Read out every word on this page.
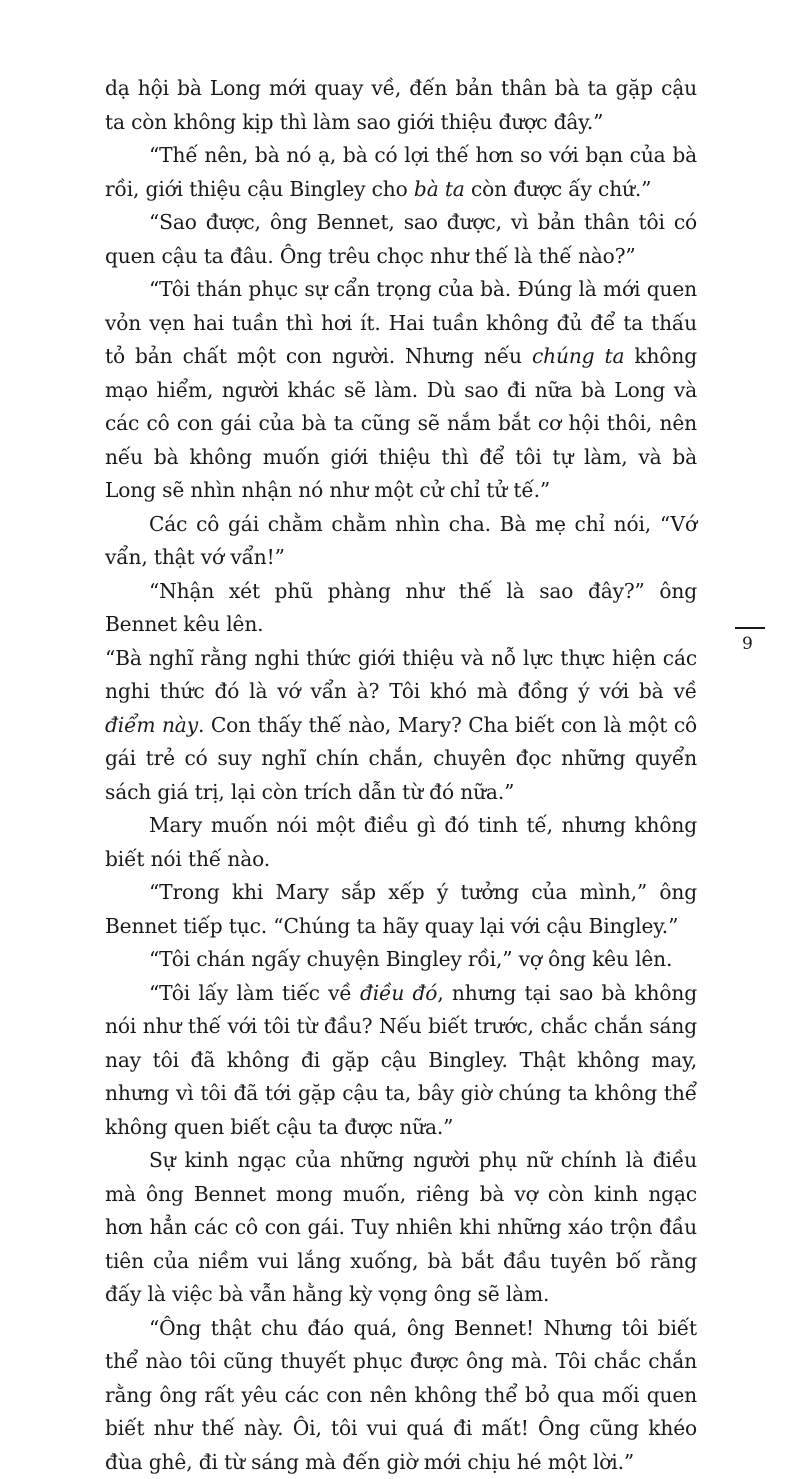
dạ hội bà Long mới quay về, đến bản thân bà ta gặp cậu ta còn không kịp thì làm sao giới thiệu được đây.”

“Thế nên, bà nó ạ, bà có lợi thế hơn so với bạn của bà rồi, giới thiệu cậu Bingley cho bà ta còn được ấy chứ.”

“Sao được, ông Bennet, sao được, vì bản thân tôi có quen cậu ta đâu. Ông trêu chọc như thế là thế nào?”

“Tôi thán phục sự cẩn trọng của bà. Đúng là mới quen vỏn vẹn hai tuần thì hơi ít. Hai tuần không đủ để ta thấu tỏ bản chất một con người. Nhưng nếu chúng ta không mạo hiểm, người khác sẽ làm. Dù sao đi nữa bà Long và các cô con gái của bà ta cũng sẽ nắm bắt cơ hội thôi, nên nếu bà không muốn giới thiệu thì để tôi tự làm, và bà Long sẽ nhìn nhận nó như một cử chỉ tử tế.”

Các cô gái chằm chằm nhìn cha. Bà mẹ chỉ nói, “Vớ vẩn, thật vớ vẩn!”

“Nhận xét phũ phàng như thế là sao đây?” ông Bennet kêu lên.

“Bà nghĩ rằng nghi thức giới thiệu và nỗ lực thực hiện các nghi thức đó là vớ vẩn à? Tôi khó mà đồng ý với bà về điểm này. Con thấy thế nào, Mary? Cha biết con là một cô gái trẻ có suy nghĩ chín chắn, chuyên đọc những quyển sách giá trị, lại còn trích dẫn từ đó nữa.”

Mary muốn nói một điều gì đó tinh tế, nhưng không biết nói thế nào.

“Trong khi Mary sắp xếp ý tưởng của mình,” ông Bennet tiếp tục. “Chúng ta hãy quay lại với cậu Bingley.”

“Tôi chán ngấy chuyện Bingley rồi,” vợ ông kêu lên.

“Tôi lấy làm tiếc về điều đó, nhưng tại sao bà không nói như thế với tôi từ đầu? Nếu biết trước, chắc chắn sáng nay tôi đã không đi gặp cậu Bingley. Thật không may, nhưng vì tôi đã tới gặp cậu ta, bây giờ chúng ta không thể không quen biết cậu ta được nữa.”

Sự kinh ngạc của những người phụ nữ chính là điều mà ông Bennet mong muốn, riêng bà vợ còn kinh ngạc hơn hẳn các cô con gái. Tuy nhiên khi những xáo trộn đầu tiên của niềm vui lắng xuống, bà bắt đầu tuyên bố rằng đấy là việc bà vẫn hằng kỳ vọng ông sẽ làm.

“Ông thật chu đáo quá, ông Bennet! Nhưng tôi biết thể nào tôi cũng thuyết phục được ông mà. Tôi chắc chắn rằng ông rất yêu các con nên không thể bỏ qua mối quen biết như thế này. Ôi, tôi vui quá đi mất! Ông cũng khéo đùa ghê, đi từ sáng mà đến giờ mới chịu hé một lời.”

9
